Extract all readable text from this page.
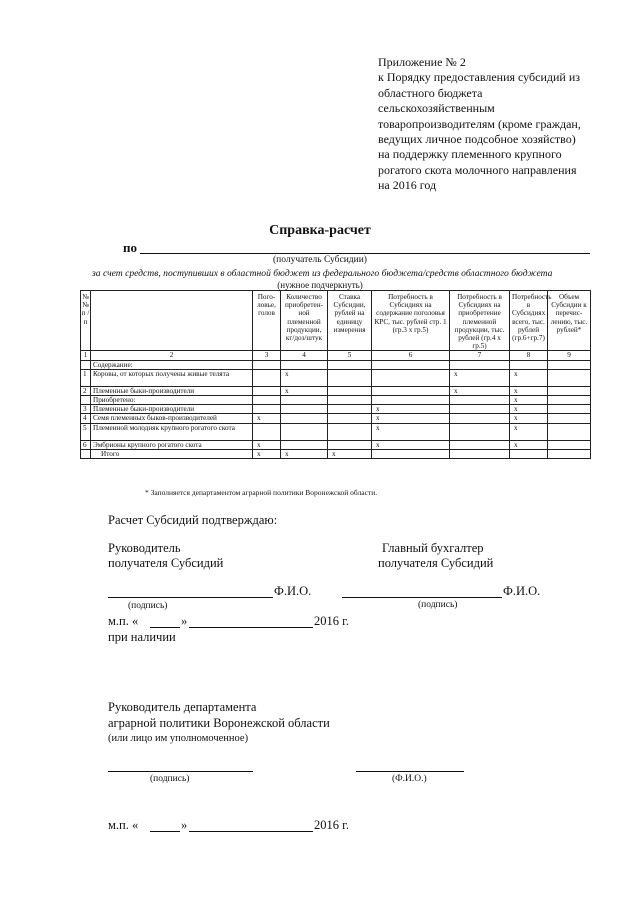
Приложение № 2
к Порядку предоставления субсидий из
областного бюджета
сельскохозяйственным
товаропроизводителям (кроме граждан,
ведущих личное подсобное хозяйство)
на поддержку племенного крупного
рогатого скота молочного направления
на 2016 год
Справка-расчет
по
(получатель Субсидии)
за счет средств, поступивших в областной бюджет из федерального бюджета/средств областного бюджета
(нужное подчеркнуть)
№ № п / п		Пого- ловье, голов	Количество приобретен- ной племенной продукции, кг/доз/штук	Ставка Субсидии, рублей на единицу измерения	Потребность в Субсидиях на содержание поголовья КРС, тыс. рублей стр. 1 (гр.3 х гр.5)	Потребность в Субсидиях на приобретение племенной продукции, тыс. рублей (гр.4 х гр.5)	Потребность в Субсидиях всего, тыс. рублей (гр.6+гр.7)	Объем Субсидии к перечис- лению, тыс. рублей*
1	2	3	4	5	6	7	8	9
	Содержание:							
1	Коровы, от которых получены живые телята		x			x	x	
2	Племенные быки-производители		x			x	x	
	Приобретено:						x	
3	Племенные быки-производители				x		x	
4	Семя племенных быков-производителей	x			x		x	
5	Племенной молодняк крупного рогатого скота				x		x	
6	Эмбрионы крупного рогатого скота	x			x		x	
	Итого	x	x	x				
* Заполняется департаментом аграрной политики Воронежской области.
Расчет Субсидий подтверждаю:
Руководитель
получателя Субсидий
Главный бухгалтер
получателя Субсидий
Ф.И.О.	Ф.И.О.
(подпись)	(подпись)
м.п. «	»	2016 г.
при наличии
Руководитель департамента
аграрной политики Воронежской области
(или лицо им уполномоченное)
(подпись)	(Ф.И.О.)
м.п. «	»	2016 г.
